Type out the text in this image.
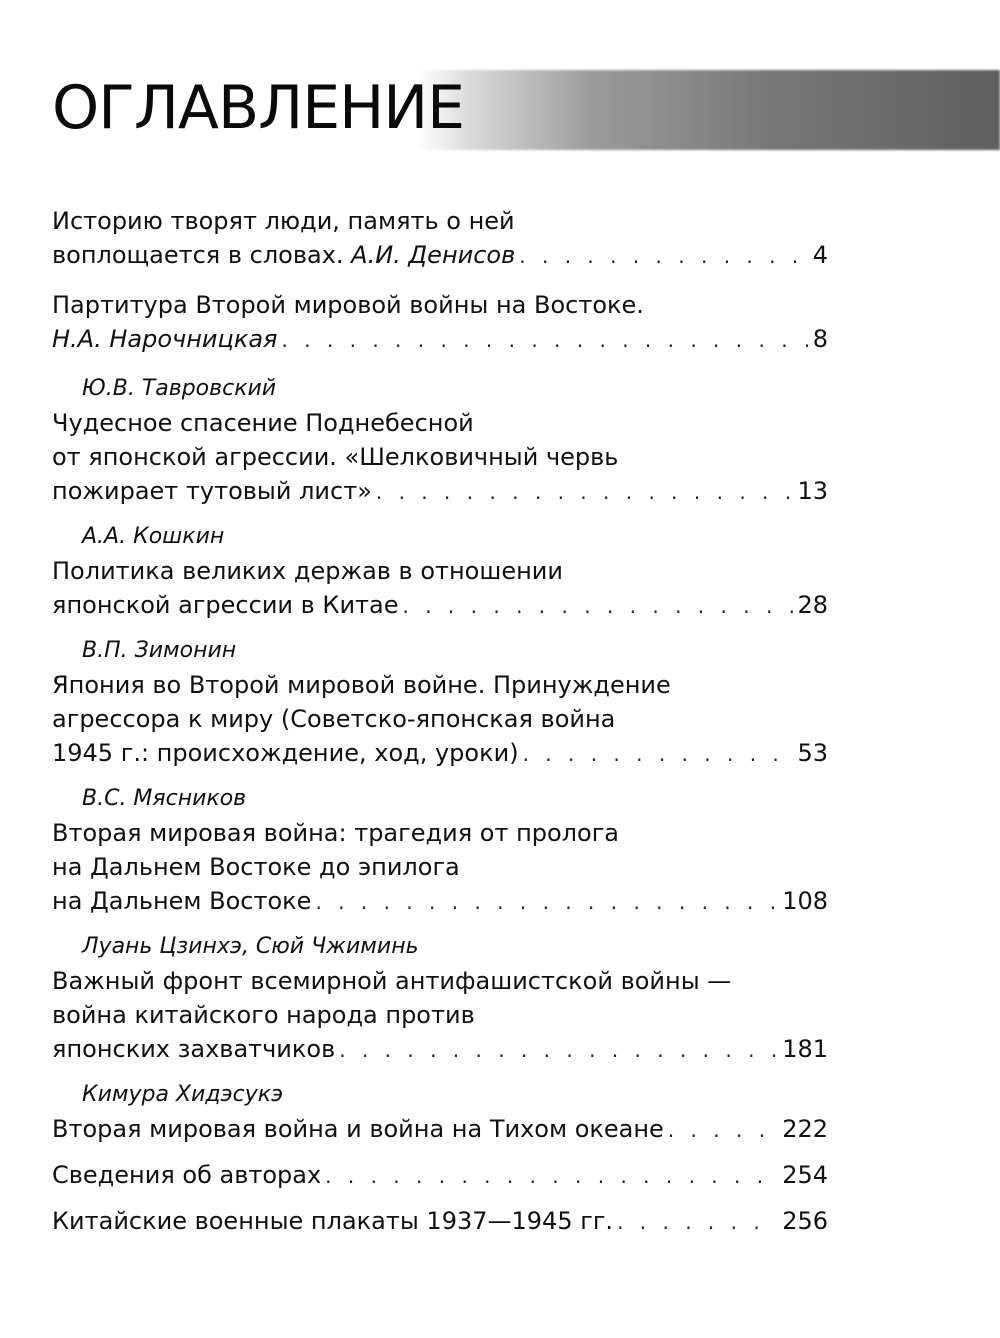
ОГЛАВЛЕНИЕ
Историю творят люди, память о ней
воплощается в словах. А.И. Денисов . . .	4
Партитура Второй мировой войны на Востоке.
Н.А. Нарочницкая . . .	8
Ю.В. Тавровский
Чудесное спасение Поднебесной
от японской агрессии. «Шелковичный червь
пожирает тутовый лист» . . .	13
А.А. Кошкин
Политика великих держав в отношении
японской агрессии в Китае . . .	28
В.П. Зимонин
Япония во Второй мировой войне. Принуждение
агрессора к миру (Советско-японская война
1945 г.: происхождение, ход, уроки) . . .	53
В.С. Мясников
Вторая мировая война: трагедия от пролога
на Дальнем Востоке до эпилога
на Дальнем Востоке . . .	108
Луань Цзинхэ, Сюй Чжиминь
Важный фронт всемирной антифашистской войны —
война китайского народа против
японских захватчиков . . .	181
Кимура Хидэсукэ
Вторая мировая война и война на Тихом океане . . .	222
Сведения об авторах . . .	254
Китайские военные плакаты 1937—1945 гг. . . .	256
